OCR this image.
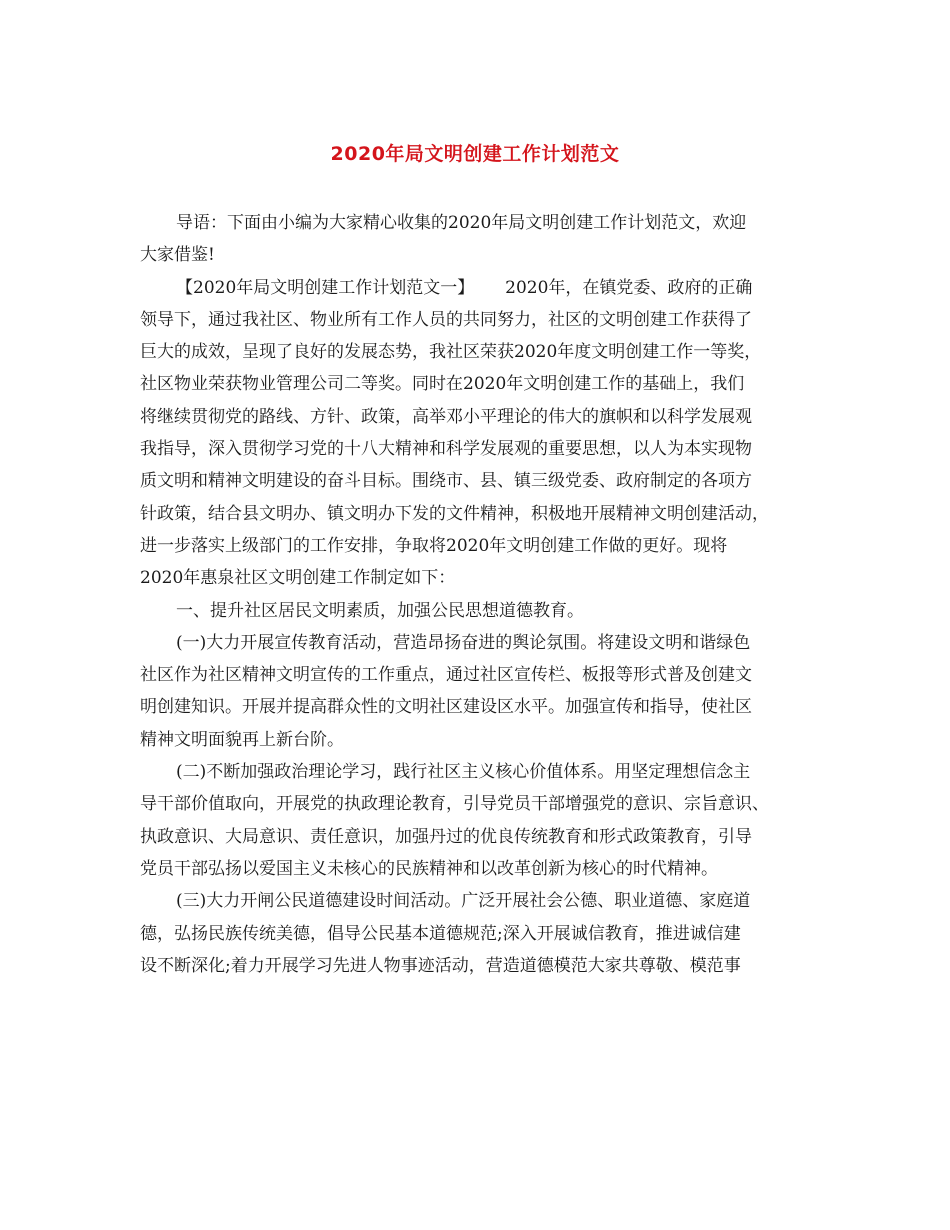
2020年局文明创建工作计划范文
导语：下面由小编为大家精心收集的2020年局文明创建工作计划范文，欢迎
大家借鉴!
【2020年局文明创建工作计划范文一】　　 2020年，在镇党委、政府的正确
领导下，通过我社区、物业所有工作人员的共同努力，社区的文明创建工作获得了
巨大的成效，呈现了良好的发展态势，我社区荣获2020年度文明创建工作一等奖，
社区物业荣获物业管理公司二等奖。同时在2020年文明创建工作的基础上，我们
将继续贯彻党的路线、方针、政策，高举邓小平理论的伟大的旗帜和以科学发展观
我指导，深入贯彻学习党的十八大精神和科学发展观的重要思想，以人为本实现物
质文明和精神文明建设的奋斗目标。围绕市、县、镇三级党委、政府制定的各项方
针政策，结合县文明办、镇文明办下发的文件精神，积极地开展精神文明创建活动，
进一步落实上级部门的工作安排，争取将2020年文明创建工作做的更好。现将
2020年惠泉社区文明创建工作制定如下：
一、提升社区居民文明素质，加强公民思想道德教育。
(一)大力开展宣传教育活动，营造昂扬奋进的舆论氛围。将建设文明和谐绿色
社区作为社区精神文明宣传的工作重点，通过社区宣传栏、板报等形式普及创建文
明创建知识。开展并提高群众性的文明社区建设区水平。加强宣传和指导，使社区
精神文明面貌再上新台阶。
(二)不断加强政治理论学习，践行社区主义核心价值体系。用坚定理想信念主
导干部价值取向，开展党的执政理论教育，引导党员干部增强党的意识、宗旨意识、
执政意识、大局意识、责任意识，加强丹过的优良传统教育和形式政策教育，引导
党员干部弘扬以爱国主义未核心的民族精神和以改革创新为核心的时代精神。
(三)大力开闸公民道德建设时间活动。广泛开展社会公德、职业道德、家庭道
德，弘扬民族传统美德，倡导公民基本道德规范;深入开展诚信教育，推进诚信建
设不断深化;着力开展学习先进人物事迹活动，营造道德模范大家共尊敬、模范事
